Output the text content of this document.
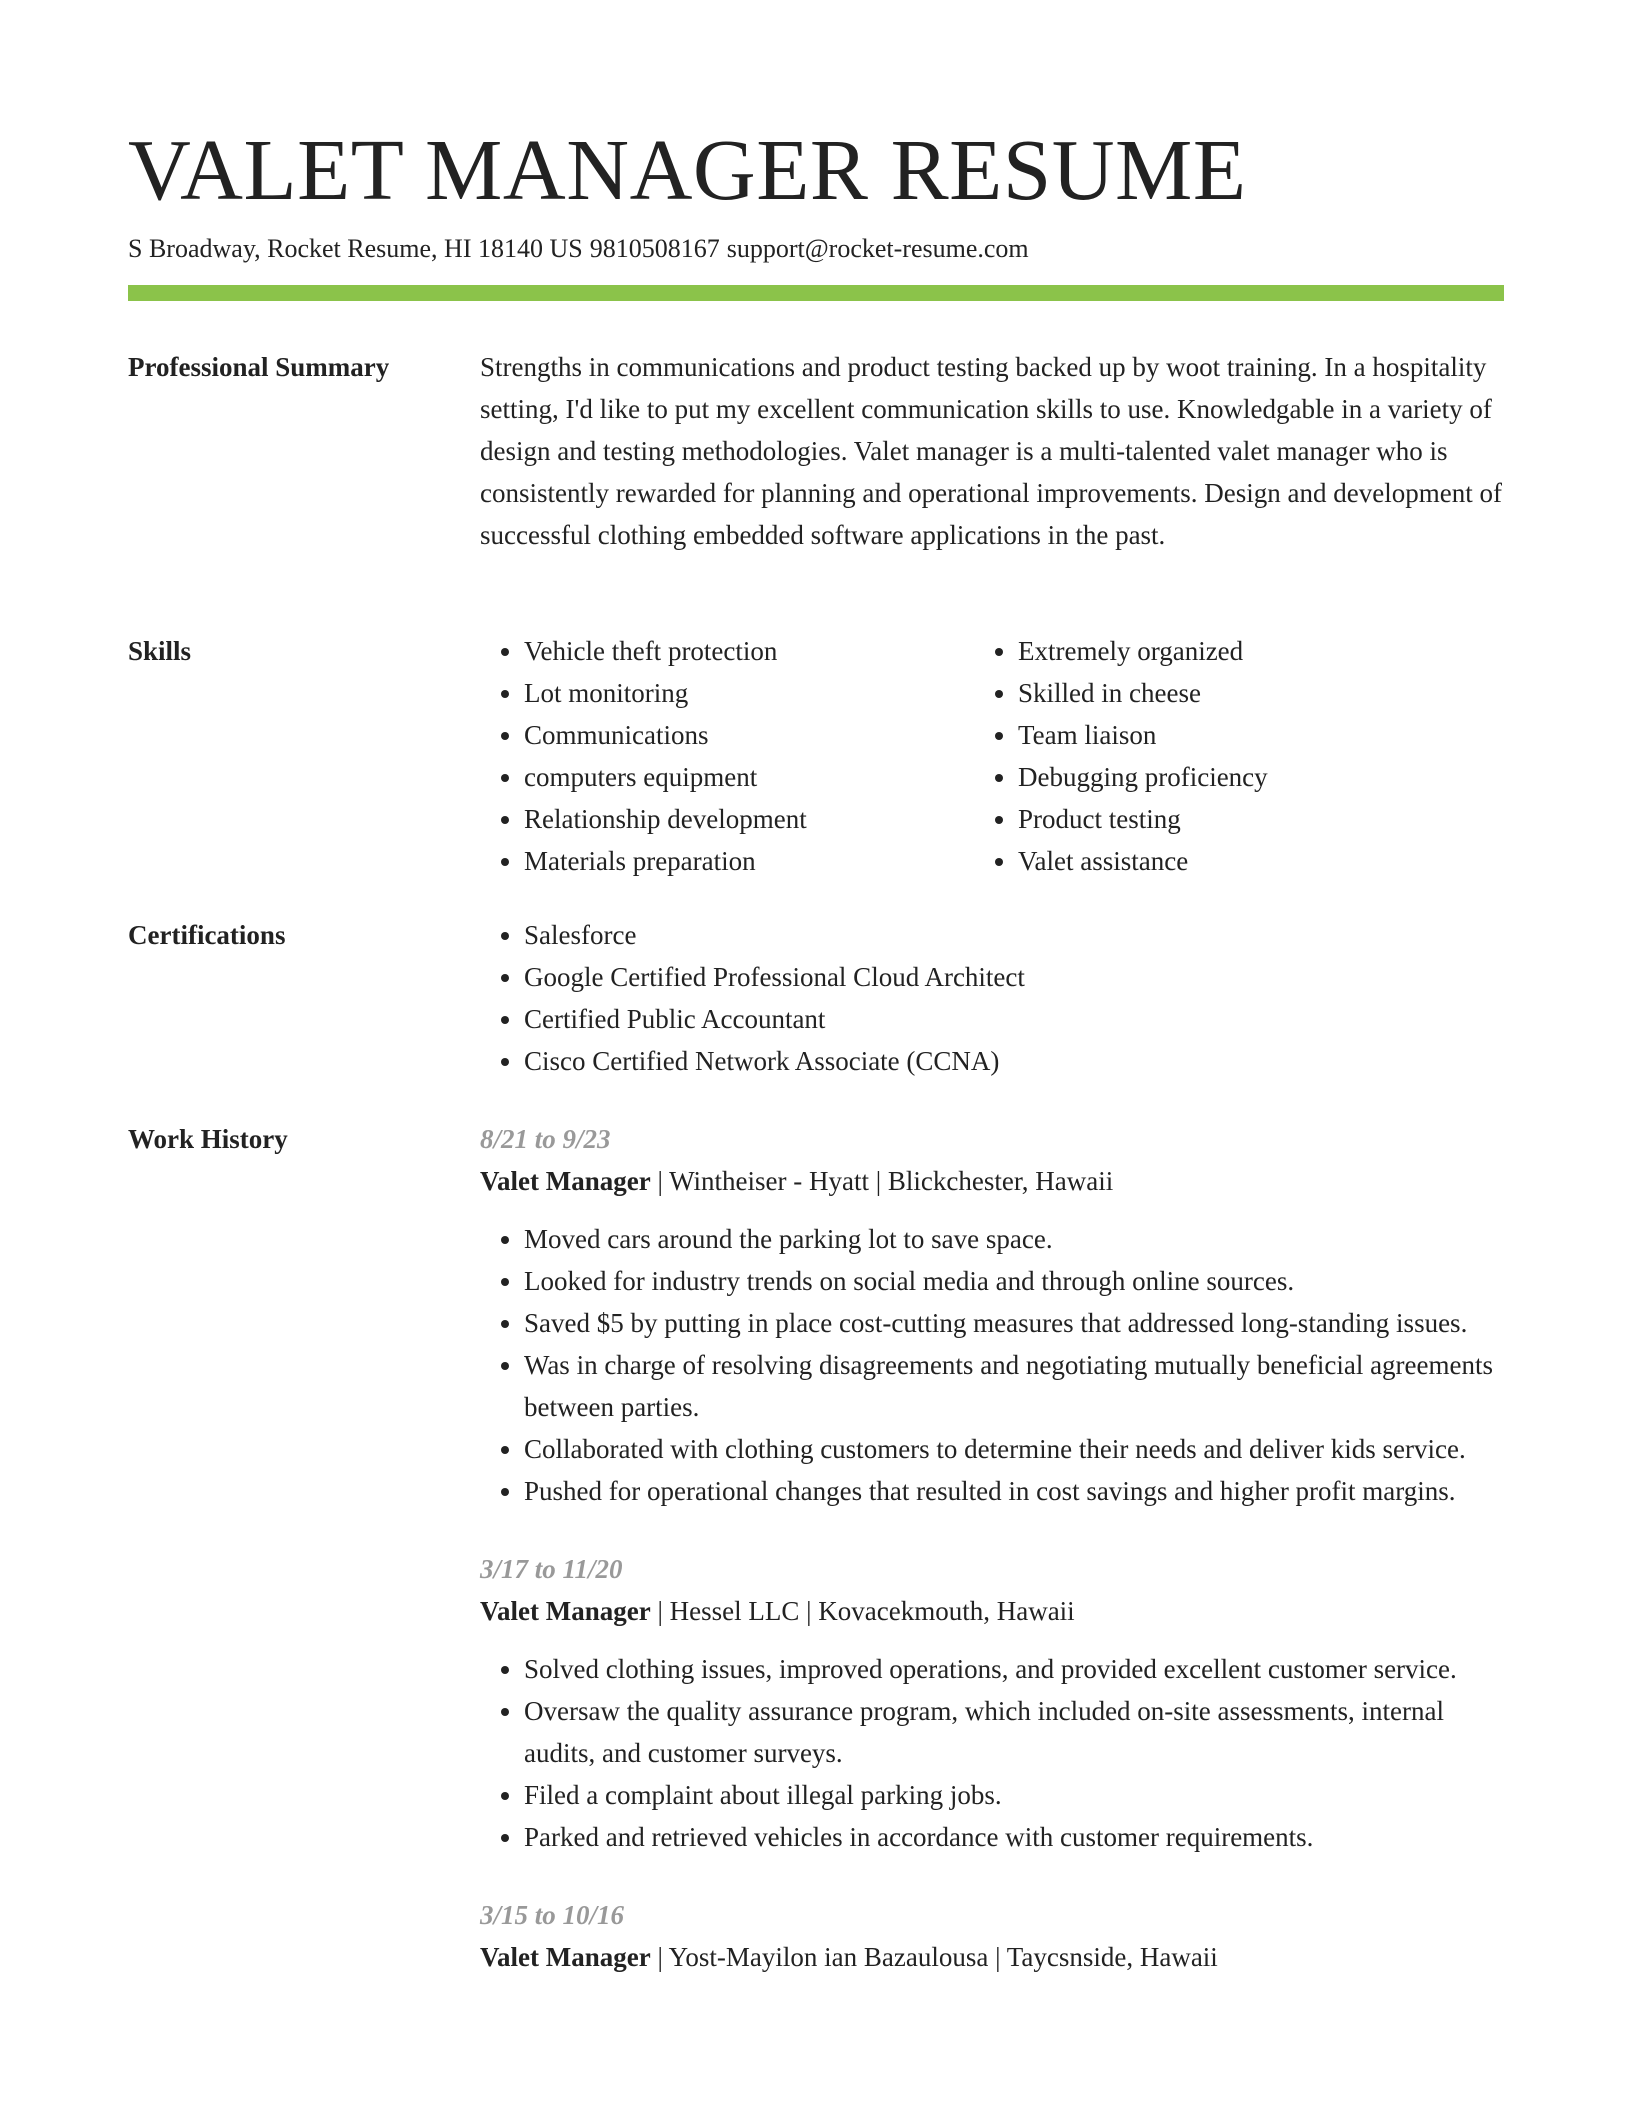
VALET MANAGER RESUME
S Broadway, Rocket Resume, HI 18140 US 9810508167 support@rocket-resume.com
Professional Summary	Strengths in communications and product testing backed up by woot training. In a hospitality setting, I'd like to put my excellent communication skills to use. Knowledgable in a variety of design and testing methodologies. Valet manager is a multi-talented valet manager who is consistently rewarded for planning and operational improvements. Design and development of successful clothing embedded software applications in the past.

Skills	• Vehicle theft protection
• Lot monitoring
• Communications
• computers equipment
• Relationship development
• Materials preparation
• Extremely organized
• Skilled in cheese
• Team liaison
• Debugging proficiency
• Product testing
• Valet assistance
Certifications	• Salesforce
• Google Certified Professional Cloud Architect
• Certified Public Accountant
• Cisco Certified Network Associate (CCNA)
Work History	8/21 to 9/23
Valet Manager | Wintheiser - Hyatt | Blickchester, Hawaii
• Moved cars around the parking lot to save space.
• Looked for industry trends on social media and through online sources.
• Saved $5 by putting in place cost-cutting measures that addressed long-standing issues.
• Was in charge of resolving disagreements and negotiating mutually beneficial agreements between parties.
• Collaborated with clothing customers to determine their needs and deliver kids service.
• Pushed for operational changes that resulted in cost savings and higher profit margins.
3/17 to 11/20
Valet Manager | Hessel LLC | Kovacekmouth, Hawaii
• Solved clothing issues, improved operations, and provided excellent customer service.
• Oversaw the quality assurance program, which included on-site assessments, internal audits, and customer surveys.
• Filed a complaint about illegal parking jobs.
• Parked and retrieved vehicles in accordance with customer requirements.
3/15 to 10/16
Valet Manager | Yost-Mayilon ian Bazaulousa | Taycsnside, Hawaii
